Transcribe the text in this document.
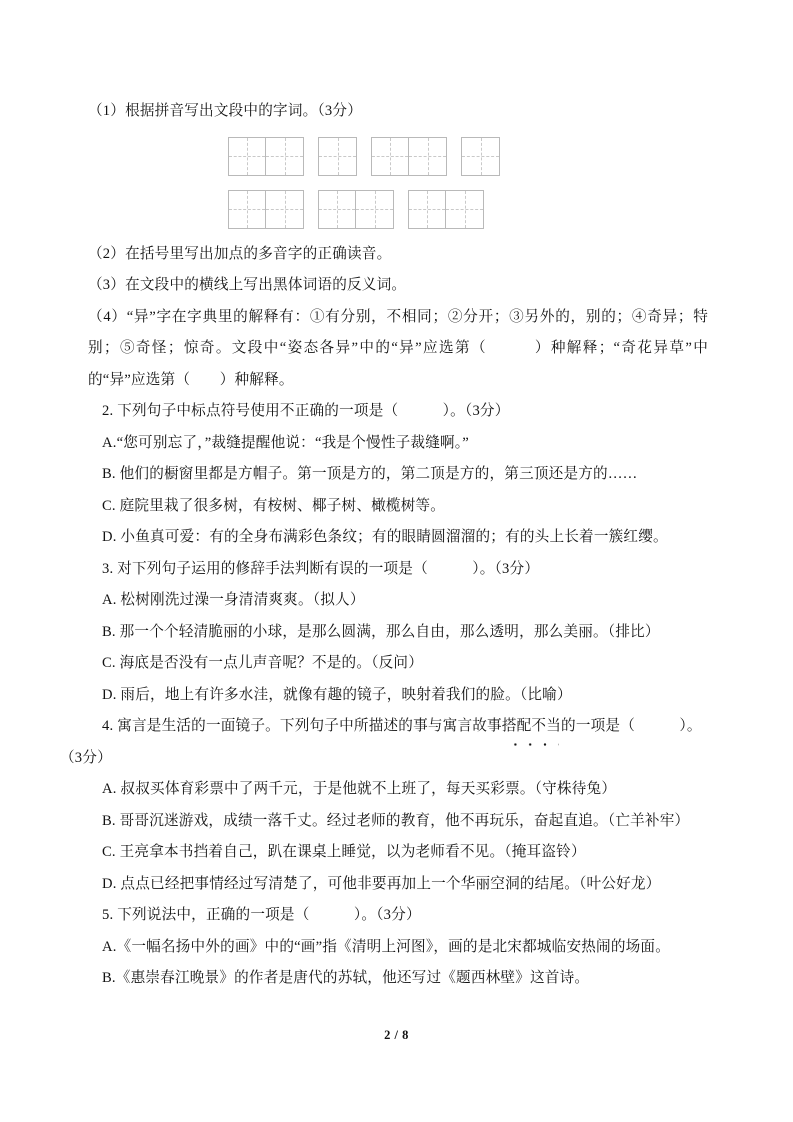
（1）根据拼音写出文段中的字词。（3分）
（2）在括号里写出加点的多音字的正确读音。
（3）在文段中的横线上写出黑体词语的反义词。
（4）“异”字在字典里的解释有：①有分别，不相同；②分开；③另外的，别的；④奇异；特别；⑤奇怪；惊奇。文段中“姿态各异”中的“异”应选第（　　　）种解释；“奇花异草”中的“异”应选第（　　）种解释。
2. 下列句子中标点符号使用不正确的一项是（　　　）。（3分）
A.“您可别忘了，”裁缝提醒他说：“我是个慢性子裁缝啊。”
B. 他们的橱窗里都是方帽子。第一顶是方的，第二顶是方的，第三顶还是方的……
C. 庭院里栽了很多树，有桉树、椰子树、橄榄树等。
D. 小鱼真可爱：有的全身布满彩色条纹；有的眼睛圆溜溜的；有的头上长着一簇红缨。
3. 对下列句子运用的修辞手法判断有误的一项是（　　　）。（3分）
A. 松树刚洗过澡一身清清爽爽。（拟人）
B. 那一个个轻清脆丽的小球，是那么圆满，那么自由，那么透明，那么美丽。（排比）
C. 海底是否没有一点儿声音呢？不是的。（反问）
D. 雨后，地上有许多水洼，就像有趣的镜子，映射着我们的脸。（比喻）
4. 寓言是生活的一面镜子。下列句子中所描述的事与寓言故事搭配不当的一项是（　　　）。
（3分）
A. 叔叔买体育彩票中了两千元，于是他就不上班了，每天买彩票。（守株待兔）
B. 哥哥沉迷游戏，成绩一落千丈。经过老师的教育，他不再玩乐，奋起直追。（亡羊补牢）
C. 王亮拿本书挡着自己，趴在课桌上睡觉，以为老师看不见。（掩耳盗铃）
D. 点点已经把事情经过写清楚了，可他非要再加上一个华丽空洞的结尾。（叶公好龙）
5. 下列说法中，正确的一项是（　　　）。（3分）
A.《一幅名扬中外的画》中的“画”指《清明上河图》，画的是北宋都城临安热闹的场面。
B.《惠崇春江晚景》的作者是唐代的苏轼，他还写过《题西林壁》这首诗。
2 / 8
